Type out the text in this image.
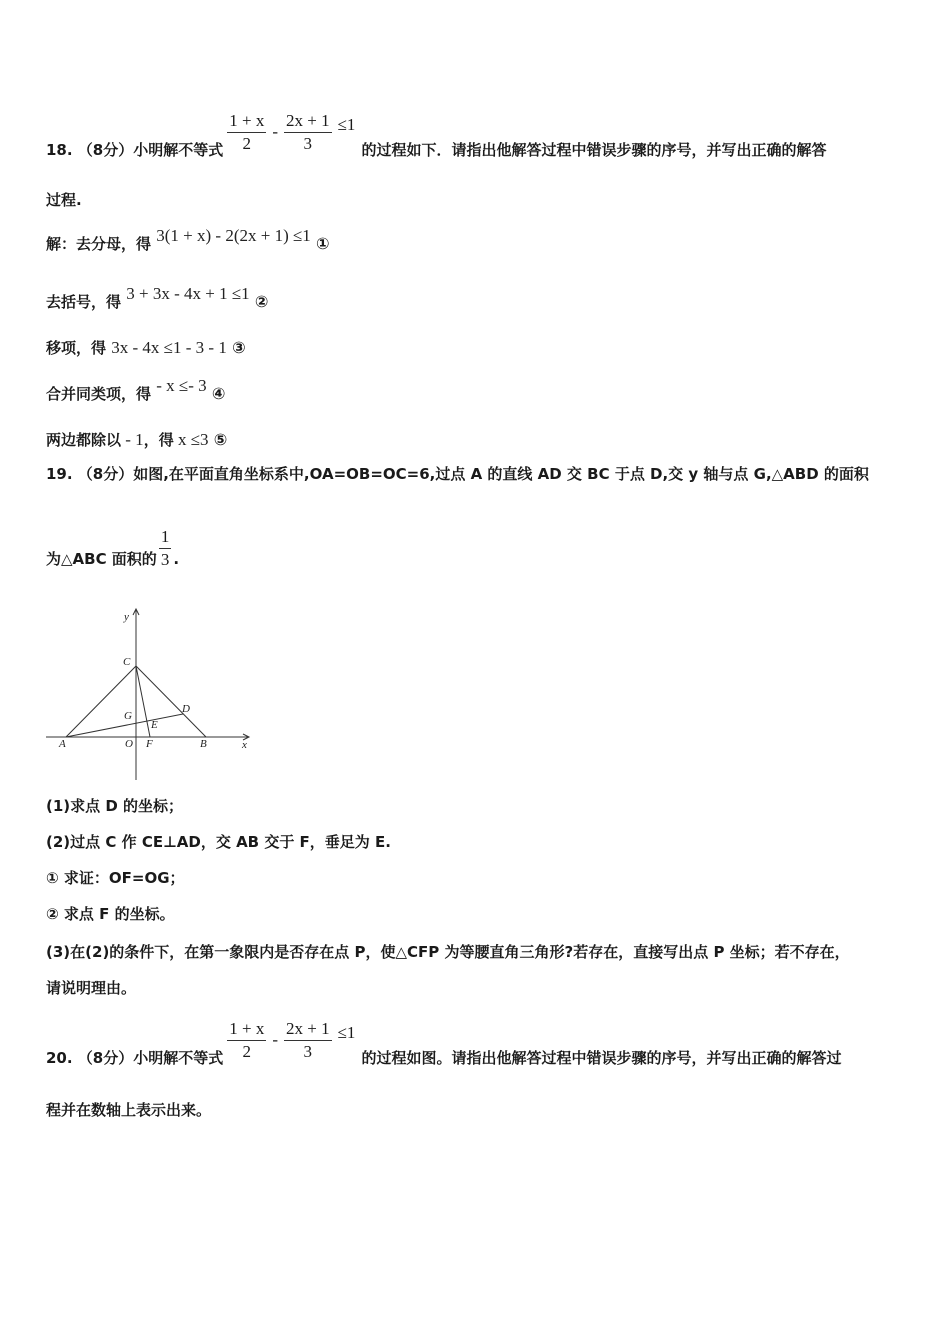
18. （8分）小明解不等式 $\frac{1 + x}{2} - \frac{2x + 1}{3} \le 1$
的过程如下．请指出他解答过程中错误步骤的序号，并写出正确的解答
过程.
解：去分母，得 3(1 + x) - 2(2x + 1) ≤1 ①
去括号，得 3 + 3x - 4x + 1 ≤1 ②
移项，得 3x - 4x ≤1 - 3 - 1 ③
合并同类项，得 - x ≤- 3 ④
两边都除以 - 1，得 x ≤3 ⑤
19. （8分）如图,在平面直角坐标系中,OA=OB=OC=6,过点 A 的直线 AD 交 BC 于点 D,交 y 轴与点 G,△ABD 的面积
为△ABC 面积的 $\frac{1}{3}$ .
y
x
C
G
D
E
A	O F	B
(1)求点 D 的坐标；
(2)过点 C 作 CE⊥AD，交 AB 交于 F，垂足为 E.
① 求证：OF=OG；
② 求点 F 的坐标。
(3)在(2)的条件下，在第一象限内是否存在点 P，使△CFP 为等腰直角三角形?若存在，直接写出点 P 坐标；若不存在，
请说明理由。
20. （8分）小明解不等式 $\frac{1 + x}{2} - \frac{2x + 1}{3} \le 1$
的过程如图。请指出他解答过程中错误步骤的序号，并写出正确的解答过
程并在数轴上表示出来。
